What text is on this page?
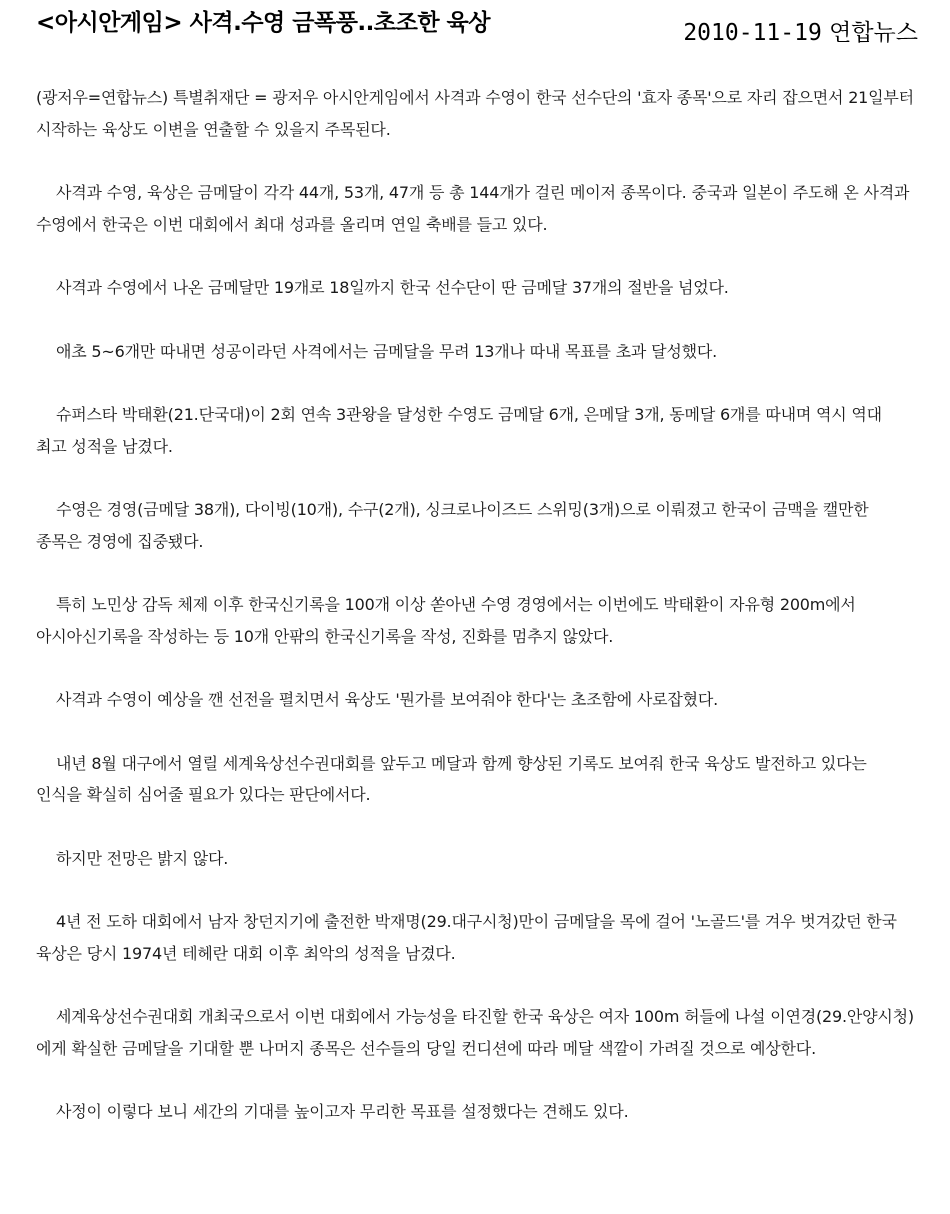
<아시안게임> 사격.수영 금폭풍..초조한 육상	2010-11-19 연합뉴스

(광저우=연합뉴스) 특별취재단 = 광저우 아시안게임에서 사격과 수영이 한국 선수단의 '효자 종목'으로 자리 잡으면서 21일부터 시작하는 육상도 이변을 연출할 수 있을지 주목된다.

사격과 수영, 육상은 금메달이 각각 44개, 53개, 47개 등 총 144개가 걸린 메이저 종목이다. 중국과 일본이 주도해 온 사격과 수영에서 한국은 이번 대회에서 최대 성과를 올리며 연일 축배를 들고 있다.

사격과 수영에서 나온 금메달만 19개로 18일까지 한국 선수단이 딴 금메달 37개의 절반을 넘었다.

애초 5~6개만 따내면 성공이라던 사격에서는 금메달을 무려 13개나 따내 목표를 초과 달성했다.

슈퍼스타 박태환(21.단국대)이 2회 연속 3관왕을 달성한 수영도 금메달 6개, 은메달 3개, 동메달 6개를 따내며 역시 역대 최고 성적을 남겼다.

수영은 경영(금메달 38개), 다이빙(10개), 수구(2개), 싱크로나이즈드 스위밍(3개)으로 이뤄졌고 한국이 금맥을 캘만한 종목은 경영에 집중됐다.

특히 노민상 감독 체제 이후 한국신기록을 100개 이상 쏟아낸 수영 경영에서는 이번에도 박태환이 자유형 200m에서 아시아신기록을 작성하는 등 10개 안팎의 한국신기록을 작성, 진화를 멈추지 않았다.

사격과 수영이 예상을 깬 선전을 펼치면서 육상도 '뭔가를 보여줘야 한다'는 초조함에 사로잡혔다.

내년 8월 대구에서 열릴 세계육상선수권대회를 앞두고 메달과 함께 향상된 기록도 보여줘 한국 육상도 발전하고 있다는 인식을 확실히 심어줄 필요가 있다는 판단에서다.

하지만 전망은 밝지 않다.

4년 전 도하 대회에서 남자 창던지기에 출전한 박재명(29.대구시청)만이 금메달을 목에 걸어 '노골드'를 겨우 벗겨갔던 한국 육상은 당시 1974년 테헤란 대회 이후 최악의 성적을 남겼다.

세계육상선수권대회 개최국으로서 이번 대회에서 가능성을 타진할 한국 육상은 여자 100m 허들에 나설 이연경(29.안양시청)에게 확실한 금메달을 기대할 뿐 나머지 종목은 선수들의 당일 컨디션에 따라 메달 색깔이 가려질 것으로 예상한다.

사정이 이렇다 보니 세간의 기대를 높이고자 무리한 목표를 설정했다는 견해도 있다.
